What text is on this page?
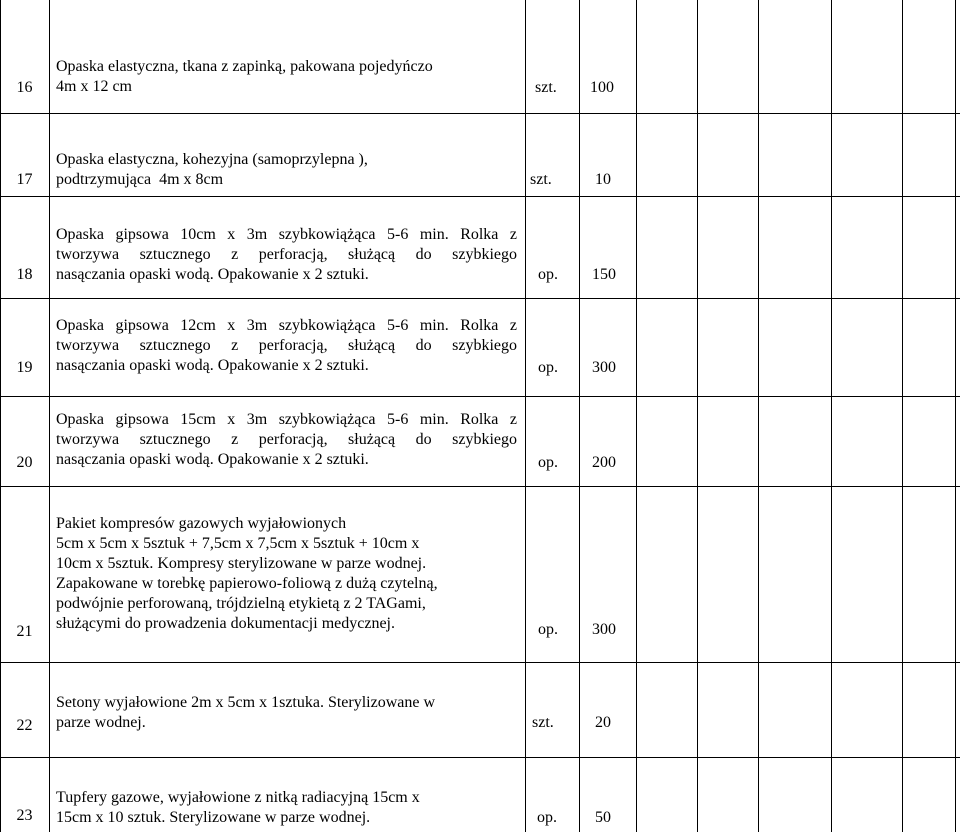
16
Opaska elastyczna, tkana z zapinką, pakowana pojedyńczo
4m x 12 cm	szt. 100
17
Opaska elastyczna, kohezyjna (samoprzylepna ),
podtrzymująca  4m x 8cm	szt.	10
18
Opaska gipsowa 10cm x 3m szybkowiążąca 5-6 min. Rolka z
tworzywa sztucznego z perforacją, służącą do szybkiego
nasączania opaski wodą. Opakowanie x 2 sztuki.	op. 150
19
Opaska gipsowa 12cm x 3m szybkowiążąca 5-6 min. Rolka z
tworzywa sztucznego z perforacją, służącą do szybkiego
nasączania opaski wodą. Opakowanie x 2 sztuki.	op. 300
20
Opaska gipsowa 15cm x 3m szybkowiążąca 5-6 min. Rolka z
tworzywa sztucznego z perforacją, służącą do szybkiego
nasączania opaski wodą. Opakowanie x 2 sztuki.	op. 200
21
Pakiet kompresów gazowych wyjałowionych
5cm x 5cm x 5sztuk + 7,5cm x 7,5cm x 5sztuk + 10cm x
10cm x 5sztuk. Kompresy sterylizowane w parze wodnej.
Zapakowane w torebkę papierowo-foliową z dużą czytelną,
podwójnie perforowaną, trójdzielną etykietą z 2 TAGami,
służącymi do prowadzenia dokumentacji medycznej.	op. 300
22
Setony wyjałowione 2m x 5cm x 1sztuka. Sterylizowane w
parze wodnej.	szt.	20
23
Tupfery gazowe, wyjałowione z nitką radiacyjną 15cm x
15cm x 10 sztuk. Sterylizowane w parze wodnej.	op. 50
